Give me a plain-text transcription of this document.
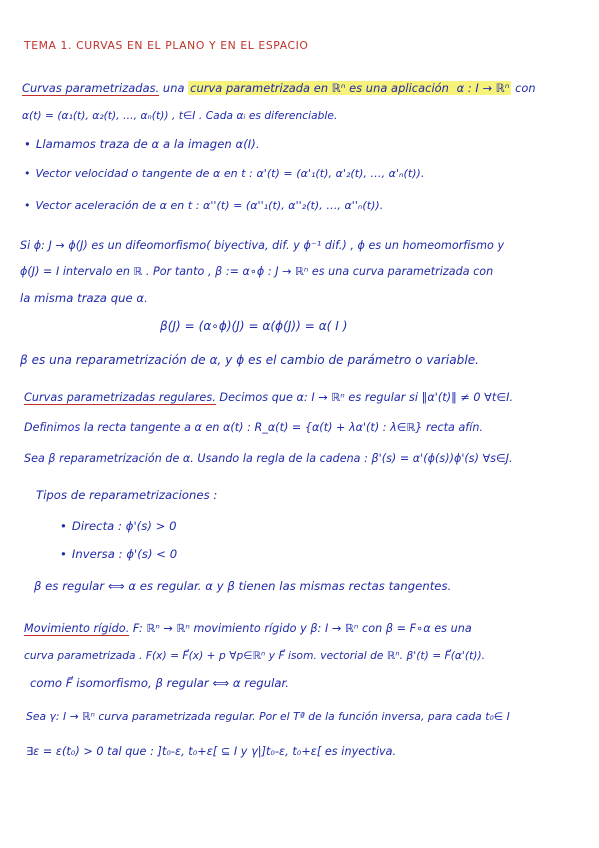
TEMA 1. CURVAS EN EL PLANO Y EN EL ESPACIO
Curvas parametrizadas. una curva parametrizada en ℝⁿ es una aplicación α : I → ℝⁿ con
α(t) = (α₁(t), α₂(t), …, αₙ(t)) , t∈I . Cada αᵢ es diferenciable.
• Llamamos traza de α a la imagen α(I).
• Vector velocidad o tangente de α en t : α'(t) = (α'₁(t), α'₂(t), …, α'ₙ(t)).
• Vector aceleración de α en t : α''(t) = (α''₁(t), α''₂(t), …, α''ₙ(t)).
Si ϕ: J → ϕ(J) es un difeomorfismo( biyectiva, dif. y ϕ⁻¹ dif.) , ϕ es un homeomorfismo y
ϕ(J) = I intervalo en ℝ . Por tanto , β := α∘ϕ : J → ℝⁿ es una curva parametrizada con
la misma traza que α.
β(J) = (α∘ϕ)(J) = α(ϕ(J)) = α( I )
β es una reparametrización de α, y ϕ es el cambio de parámetro o variable.
Curvas parametrizadas regulares. Decimos que α: I → ℝⁿ es regular si ‖α'(t)‖ ≠ 0 ∀t∈I.
Definimos la recta tangente a α en α(t) : R_α(t) = {α(t) + λα'(t) : λ∈ℝ} recta afín.
Sea β reparametrización de α. Usando la regla de la cadena : β'(s) = α'(ϕ(s))ϕ'(s) ∀s∈J.
Tipos de reparametrizaciones :
• Directa : ϕ'(s) > 0
• Inversa : ϕ'(s) < 0
β es regular ⟺ α es regular. α y β tienen las mismas rectas tangentes.
Movimiento rígido. F: ℝⁿ → ℝⁿ movimiento rígido y β: I → ℝⁿ con β = F∘α es una
curva parametrizada . F(x) = F⃗(x) + p ∀p∈ℝⁿ y F⃗ isom. vectorial de ℝⁿ. β'(t) = F⃗(α'(t)).
como F⃗ isomorfismo, β regular ⟺ α regular.
Sea γ: I → ℝⁿ curva parametrizada regular. Por el Tª de la función inversa, para cada t₀∈ I
∃ε = ε(t₀) > 0 tal que : ]t₀-ε, t₀+ε[ ⊆ I y γ|]t₀-ε, t₀+ε[ es inyectiva.
